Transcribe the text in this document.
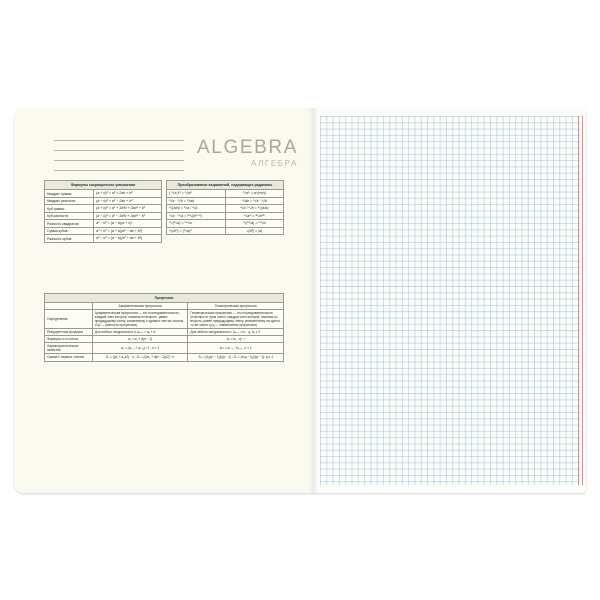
ALGEBRA
АЛГЕБРА
Формулы сокращенного умножения	
Квадрат суммы:	(a + b)² = a² + 2ab + b²
Квадрат разности:	(a − b)² = a² − 2ab + b²
Куб суммы:	(a + b)³ = a³ + 3a²b + 3ab² + b³
Куб разности:	(a − b)³ = a³ − 3a²b + 3ab² − b³
Разность квадратов:	a² − b² = (a − b)(a + b)
Сумма кубов:	a³ + b³ = (a + b)(a² − ab + b²)
Разность кубов:	a³ − b³ = (a − b)(a² + ab + b²)
Преобразование выражений, содержащих радикалы	
( ⁿ√a )ᵐ = ⁿ√aᵐ	ⁿ√aᵐ = a^(m/n)
ⁿ√a · ⁿ√b = ⁿ√ab	ⁿ√ab = ⁿ√a · ⁿ√b
ⁿ√(a/b) = ⁿ√a / ⁿ√b	ⁿ√a / ⁿ√b = ⁿ√(a/b)
ⁿ√a · ᵐ√a = ⁿᵐ√(aᵐ⁺ⁿ)	ⁿ√aᵐ = ⁿᵏ√aᵐᵏ
ᵐ√(ⁿ√a) = ᵐⁿ√a	ⁿ√(ᵐ√a) = ᵐⁿ√a
ⁿ√(aᵐ) = (ⁿ√a)ᵐ	√(a²) = |a|
Прогрессии		
	Арифметическая прогрессия	Геометрическая прогрессия
Определение	Арифметическая прогрессия — это последовательность, каждый член которой, начиная со второго, равен предыдущему члену, сложенному с одним и тем же числом d (d — разность прогрессии)	Геометрическая прогрессия — это последовательность отличных от нуля чисел, каждый член которой, начиная со второго, равен предыдущему члену, умноженному на одно и то же число q (q — знаменатель прогрессии)
Рекуррентная формула	Для любого натурального n: aₙ₊₁ = aₙ + d	Для любого натурального n: bₙ₊₁ = bₙ · q, bₙ ≠ 0
Формула n-го члена	aₙ = a₁ + d(n − 1)	bₙ = b₁ · qⁿ⁻¹
Характеристическое свойство	aₙ = (aₙ₋₁ + aₙ₊₁) / 2 , n > 1	bₙ² = bₙ₋₁ · bₙ₊₁ , n > 1
Сумма n первых членов	Sₙ = ((a₁ + aₙ)/2) · n ; Sₙ = ((2a₁ + d(n − 1))/2) · n	Sₙ = (b₁(qⁿ − 1))/(q − 1) ; Sₙ = (bₙq − b₁)/(q − 1), q ≠ 1
